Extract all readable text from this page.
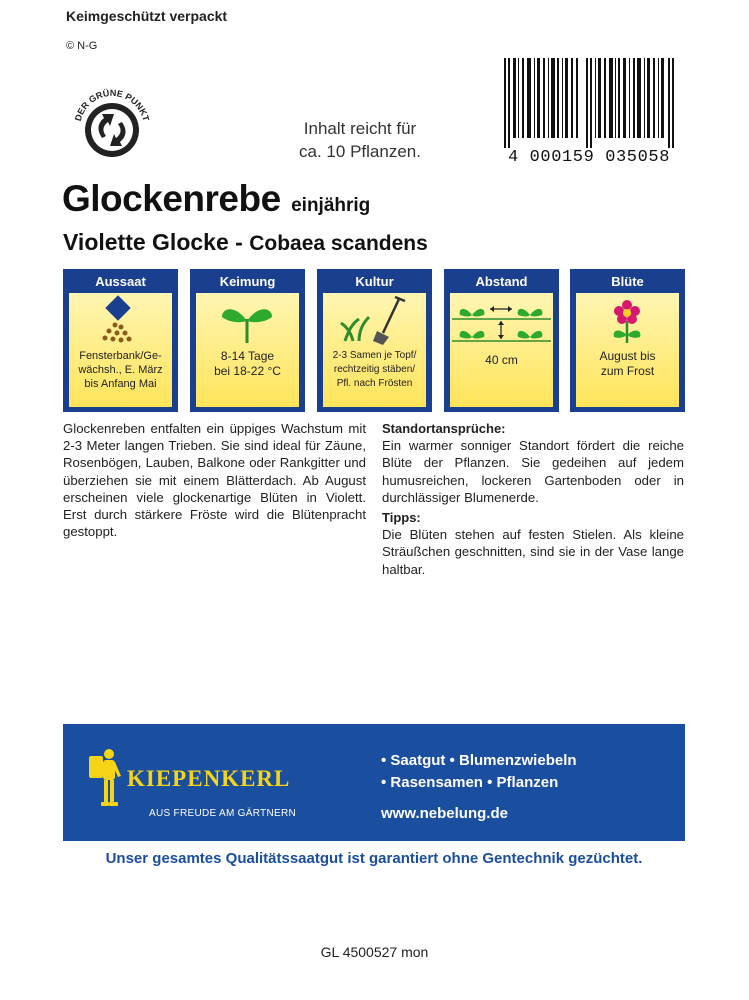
Keimgeschützt verpackt
© N-G
DER GRÜNE PUNKT
Inhalt reicht für
ca. 10 Pflanzen.	4 000159 035058
Glockenrebe einjährig
Violette Glocke - Cobaea scandens
Aussaat
Fensterbank/Ge-
wächsh., E. März
bis Anfang Mai
Keimung
8-14 Tage
bei 18-22 °C
Kultur
2-3 Samen je Topf/
rechtzeitig stäben/
Pfl. nach Frösten
Abstand
40 cm
Blüte
August bis
zum Frost
Glockenreben entfalten ein üppiges Wachstum mit 2-3 Meter langen Trieben. Sie sind ideal für Zäune, Rosenbögen, Lauben, Balkone oder Rankgitter und überziehen sie mit einem Blätterdach. Ab August erscheinen viele glockenartige Blüten in Violett. Erst durch stärkere Fröste wird die Blütenpracht gestoppt.
Standortansprüche:
Ein warmer sonniger Standort fördert die reiche Blüte der Pflanzen. Sie gedeihen auf jedem humusreichen, lockeren Gartenboden oder in durchlässiger Blumenerde.
Tipps:
Die Blüten stehen auf festen Stielen. Als kleine Sträußchen geschnitten, sind sie in der Vase lange haltbar.
KIEPENKERL
AUS FREUDE AM GÄRTNERN
• Saatgut • Blumenzwiebeln
• Rasensamen • Pflanzen
www.nebelung.de
Unser gesamtes Qualitätssaatgut ist garantiert ohne Gentechnik gezüchtet.
GL 4500527 mon
